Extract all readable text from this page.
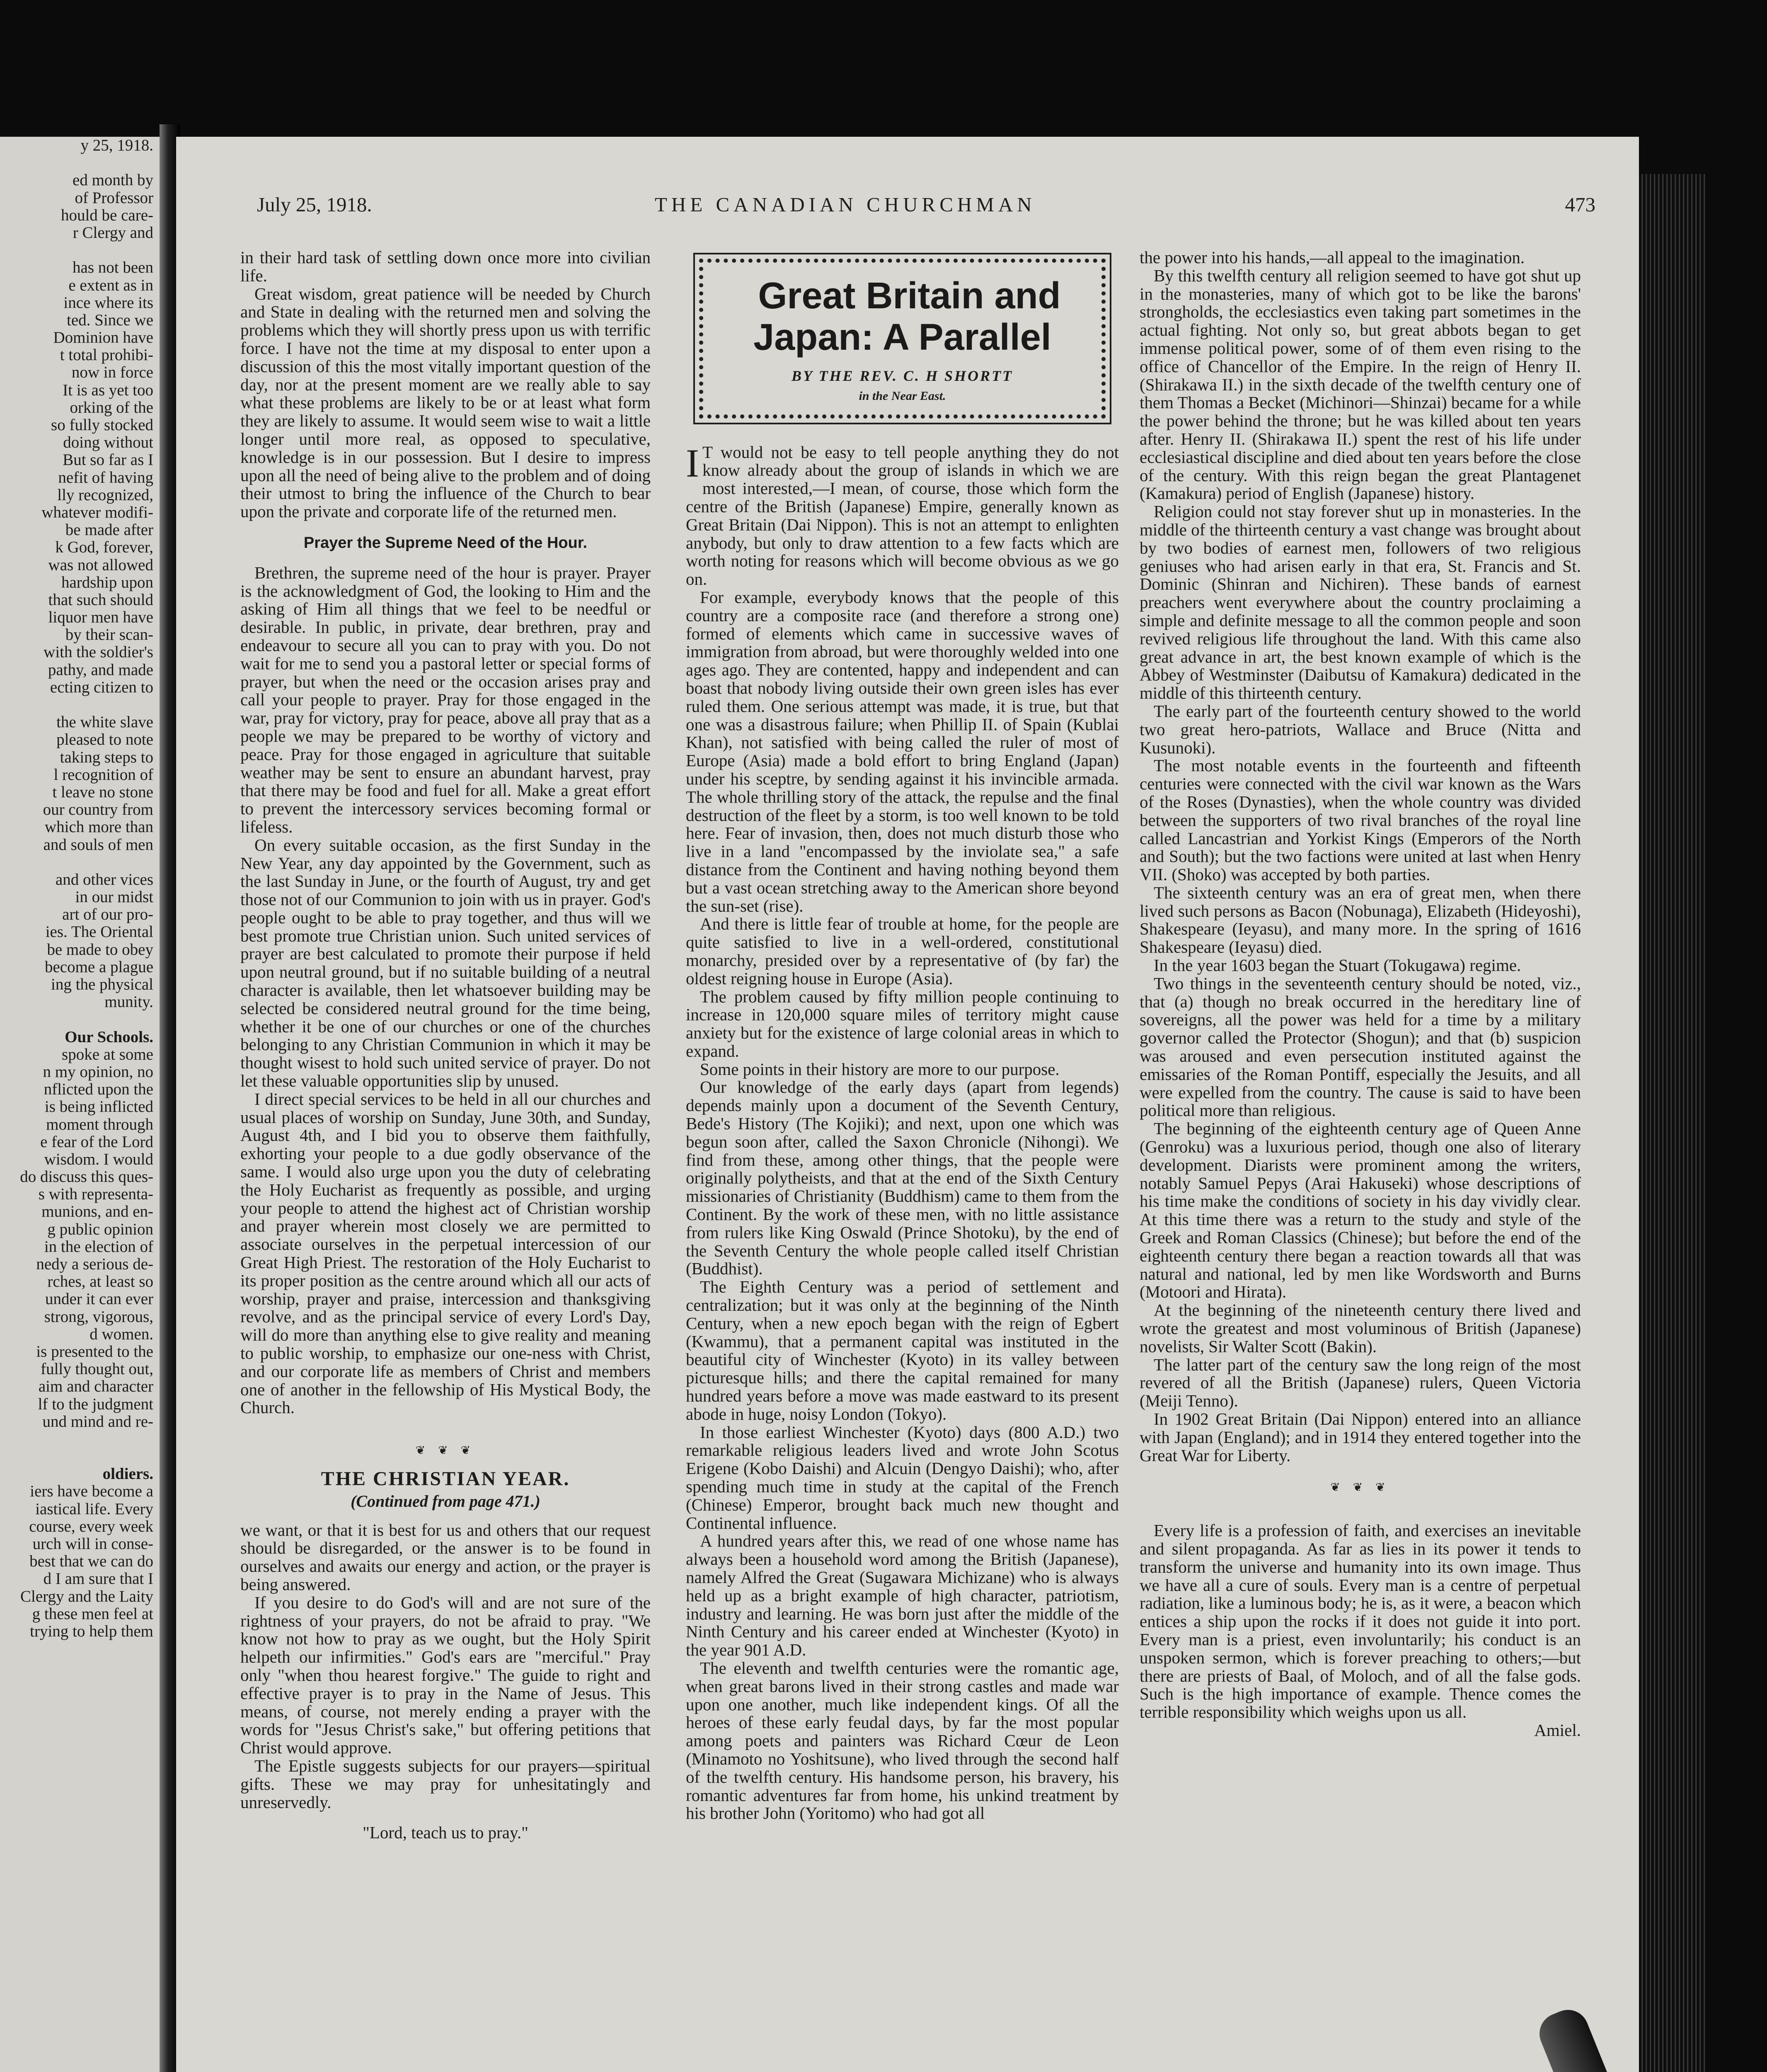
y 25, 1918.
ed month by
of Professor
hould be care-
r Clergy and
has not been
e extent as in
ince where its
ted. Since we
Dominion have
t total prohibi-
now in force
It is as yet too
orking of the
so fully stocked
doing without
But so far as I
nefit of having
lly recognized,
whatever modifi-
be made after
k God, forever,
was not allowed
hardship upon
that such should
liquor men have
by their scan-
with the soldier's
pathy, and made
ecting citizen to
the white slave
pleased to note
taking steps to
l recognition of
t leave no stone
our country from
which more than
and souls of men
and other vices
in our midst
art of our pro-
ies. The Oriental
be made to obey
become a plague
ing the physical
munity.
Our Schools.
spoke at some
n my opinion, no
nflicted upon the
is being inflicted
moment through
e fear of the Lord
wisdom. I would
do discuss this ques-
s with representa-
munions, and en-
g public opinion
in the election of
nedy a serious de-
rches, at least so
under it can ever
strong, vigorous,
d women.
is presented to the
fully thought out,
aim and character
lf to the judgment
und mind and re-
oldiers.
iers have become a
iastical life. Every
course, every week
urch will in conse-
best that we can do
d I am sure that I
Clergy and the Laity
g these men feel at
trying to help them
July 25, 1918.	THE CANADIAN CHURCHMAN	473

in their hard task of settling down once more into civilian life.

Great wisdom, great patience will be needed by Church and State in dealing with the returned men and solving the problems which they will shortly press upon us with terrific force. I have not the time at my disposal to enter upon a discussion of this the most vitally important question of the day, nor at the present moment are we really able to say what these problems are likely to be or at least what form they are likely to assume. It would seem wise to wait a little longer until more real, as opposed to speculative, knowledge is in our possession. But I desire to impress upon all the need of being alive to the problem and of doing their utmost to bring the influence of the Church to bear upon the private and corporate life of the returned men.

Prayer the Supreme Need of the Hour.

Brethren, the supreme need of the hour is prayer. Prayer is the acknowledgment of God, the looking to Him and the asking of Him all things that we feel to be needful or desirable. In public, in private, dear brethren, pray and endeavour to secure all you can to pray with you. Do not wait for me to send you a pastoral letter or special forms of prayer, but when the need or the occasion arises pray and call your people to prayer. Pray for those engaged in the war, pray for victory, pray for peace, above all pray that as a people we may be prepared to be worthy of victory and peace. Pray for those engaged in agriculture that suitable weather may be sent to ensure an abundant harvest, pray that there may be food and fuel for all. Make a great effort to prevent the intercessory services becoming formal or lifeless.

On every suitable occasion, as the first Sunday in the New Year, any day appointed by the Government, such as the last Sunday in June, or the fourth of August, try and get those not of our Communion to join with us in prayer. God's people ought to be able to pray together, and thus will we best promote true Christian union. Such united services of prayer are best calculated to promote their purpose if held upon neutral ground, but if no suitable building of a neutral character is available, then let whatsoever building may be selected be considered neutral ground for the time being, whether it be one of our churches or one of the churches belonging to any Christian Communion in which it may be thought wisest to hold such united service of prayer. Do not let these valuable opportunities slip by unused.

I direct special services to be held in all our churches and usual places of worship on Sunday, June 30th, and Sunday, August 4th, and I bid you to observe them faithfully, exhorting your people to a due godly observance of the same. I would also urge upon you the duty of celebrating the Holy Eucharist as frequently as possible, and urging your people to attend the highest act of Christian worship and prayer wherein most closely we are permitted to associate ourselves in the perpetual intercession of our Great High Priest. The restoration of the Holy Eucharist to its proper position as the centre around which all our acts of worship, prayer and praise, intercession and thanksgiving revolve, and as the principal service of every Lord's Day, will do more than anything else to give reality and meaning to public worship, to emphasize our one-ness with Christ, and our corporate life as members of Christ and members one of another in the fellowship of His Mystical Body, the Church.

❦ ❦ ❦
THE CHRISTIAN YEAR.
(Continued from page 471.)

we want, or that it is best for us and others that our request should be disregarded, or the answer is to be found in ourselves and awaits our energy and action, or the prayer is being answered.

If you desire to do God's will and are not sure of the rightness of your prayers, do not be afraid to pray. "We know not how to pray as we ought, but the Holy Spirit helpeth our infirmities." God's ears are "merciful." Pray only "when thou hearest forgive." The guide to right and effective prayer is to pray in the Name of Jesus. This means, of course, not merely ending a prayer with the words for "Jesus Christ's sake," but offering petitions that Christ would approve.

The Epistle suggests subjects for our prayers—spiritual gifts. These we may pray for unhesitatingly and unreservedly.

"Lord, teach us to pray."

Great Britain and Japan: A Parallel

BY THE REV. C. H SHORTT
in the Near East.

I T would not be easy to tell people anything they do not know already about the group of islands in which we are most interested,—I mean, of course, those which form the centre of the British (Japanese) Empire, generally known as Great Britain (Dai Nippon). This is not an attempt to enlighten anybody, but only to draw attention to a few facts which are worth noting for reasons which will become obvious as we go on.

For example, everybody knows that the people of this country are a composite race (and therefore a strong one) formed of elements which came in successive waves of immigration from abroad, but were thoroughly welded into one ages ago. They are contented, happy and independent and can boast that nobody living outside their own green isles has ever ruled them. One serious attempt was made, it is true, but that one was a disastrous failure; when Phillip II. of Spain (Kublai Khan), not satisfied with being called the ruler of most of Europe (Asia) made a bold effort to bring England (Japan) under his sceptre, by sending against it his invincible armada. The whole thrilling story of the attack, the repulse and the final destruction of the fleet by a storm, is too well known to be told here. Fear of invasion, then, does not much disturb those who live in a land "encompassed by the inviolate sea," a safe distance from the Continent and having nothing beyond them but a vast ocean stretching away to the American shore beyond the sun-set (rise).

And there is little fear of trouble at home, for the people are quite satisfied to live in a well-ordered, constitutional monarchy, presided over by a representative of (by far) the oldest reigning house in Europe (Asia).

The problem caused by fifty million people continuing to increase in 120,000 square miles of territory might cause anxiety but for the existence of large colonial areas in which to expand.

Some points in their history are more to our purpose.

Our knowledge of the early days (apart from legends) depends mainly upon a document of the Seventh Century, Bede's History (The Kojiki); and next, upon one which was begun soon after, called the Saxon Chronicle (Nihongi). We find from these, among other things, that the people were originally polytheists, and that at the end of the Sixth Century missionaries of Christianity (Buddhism) came to them from the Continent. By the work of these men, with no little assistance from rulers like King Oswald (Prince Shotoku), by the end of the Seventh Century the whole people called itself Christian (Buddhist).

The Eighth Century was a period of settlement and centralization; but it was only at the beginning of the Ninth Century, when a new epoch began with the reign of Egbert (Kwammu), that a permanent capital was instituted in the beautiful city of Winchester (Kyoto) in its valley between picturesque hills; and there the capital remained for many hundred years before a move was made eastward to its present abode in huge, noisy London (Tokyo).

In those earliest Winchester (Kyoto) days (800 A.D.) two remarkable religious leaders lived and wrote John Scotus Erigene (Kobo Daishi) and Alcuin (Dengyo Daishi); who, after spending much time in study at the capital of the French (Chinese) Emperor, brought back much new thought and Continental influence.

A hundred years after this, we read of one whose name has always been a household word among the British (Japanese), namely Alfred the Great (Sugawara Michizane) who is always held up as a bright example of high character, patriotism, industry and learning. He was born just after the middle of the Ninth Century and his career ended at Winchester (Kyoto) in the year 901 A.D.

The eleventh and twelfth centuries were the romantic age, when great barons lived in their strong castles and made war upon one another, much like independent kings. Of all the heroes of these early feudal days, by far the most popular among poets and painters was Richard Cœur de Leon (Minamoto no Yoshitsune), who lived through the second half of the twelfth century. His handsome person, his bravery, his romantic adventures far from home, his unkind treatment by his brother John (Yoritomo) who had got all

the power into his hands,—all appeal to the imagination.

By this twelfth century all religion seemed to have got shut up in the monasteries, many of which got to be like the barons' strongholds, the ecclesiastics even taking part sometimes in the actual fighting. Not only so, but great abbots began to get immense political power, some of of them even rising to the office of Chancellor of the Empire. In the reign of Henry II. (Shirakawa II.) in the sixth decade of the twelfth century one of them Thomas a Becket (Michinori—Shinzai) became for a while the power behind the throne; but he was killed about ten years after. Henry II. (Shirakawa II.) spent the rest of his life under ecclesiastical discipline and died about ten years before the close of the century. With this reign began the great Plantagenet (Kamakura) period of English (Japanese) history.

Religion could not stay forever shut up in monasteries. In the middle of the thirteenth century a vast change was brought about by two bodies of earnest men, followers of two religious geniuses who had arisen early in that era, St. Francis and St. Dominic (Shinran and Nichiren). These bands of earnest preachers went everywhere about the country proclaiming a simple and definite message to all the common people and soon revived religious life throughout the land. With this came also great advance in art, the best known example of which is the Abbey of Westminster (Daibutsu of Kamakura) dedicated in the middle of this thirteenth century.

The early part of the fourteenth century showed to the world two great hero-patriots, Wallace and Bruce (Nitta and Kusunoki).

The most notable events in the fourteenth and fifteenth centuries were connected with the civil war known as the Wars of the Roses (Dynasties), when the whole country was divided between the supporters of two rival branches of the royal line called Lancastrian and Yorkist Kings (Emperors of the North and South); but the two factions were united at last when Henry VII. (Shoko) was accepted by both parties.

The sixteenth century was an era of great men, when there lived such persons as Bacon (Nobunaga), Elizabeth (Hideyoshi), Shakespeare (Ieyasu), and many more. In the spring of 1616 Shakespeare (Ieyasu) died.

In the year 1603 began the Stuart (Tokugawa) regime.

Two things in the seventeenth century should be noted, viz., that (a) though no break occurred in the hereditary line of sovereigns, all the power was held for a time by a military governor called the Protector (Shogun); and that (b) suspicion was aroused and even persecution instituted against the emissaries of the Roman Pontiff, especially the Jesuits, and all were expelled from the country. The cause is said to have been political more than religious.

The beginning of the eighteenth century age of Queen Anne (Genroku) was a luxurious period, though one also of literary development. Diarists were prominent among the writers, notably Samuel Pepys (Arai Hakuseki) whose descriptions of his time make the conditions of society in his day vividly clear. At this time there was a return to the study and style of the Greek and Roman Classics (Chinese); but before the end of the eighteenth century there began a reaction towards all that was natural and national, led by men like Wordsworth and Burns (Motoori and Hirata).

At the beginning of the nineteenth century there lived and wrote the greatest and most voluminous of British (Japanese) novelists, Sir Walter Scott (Bakin).

The latter part of the century saw the long reign of the most revered of all the British (Japanese) rulers, Queen Victoria (Meiji Tenno).

In 1902 Great Britain (Dai Nippon) entered into an alliance with Japan (England); and in 1914 they entered together into the Great War for Liberty.

❦ ❦ ❦

Every life is a profession of faith, and exercises an inevitable and silent propaganda. As far as lies in its power it tends to transform the universe and humanity into its own image. Thus we have all a cure of souls. Every man is a centre of perpetual radiation, like a luminous body; he is, as it were, a beacon which entices a ship upon the rocks if it does not guide it into port. Every man is a priest, even involuntarily; his conduct is an unspoken sermon, which is forever preaching to others;—but there are priests of Baal, of Moloch, and of all the false gods. Such is the high importance of example. Thence comes the terrible responsibility which weighs upon us all.

Amiel.
